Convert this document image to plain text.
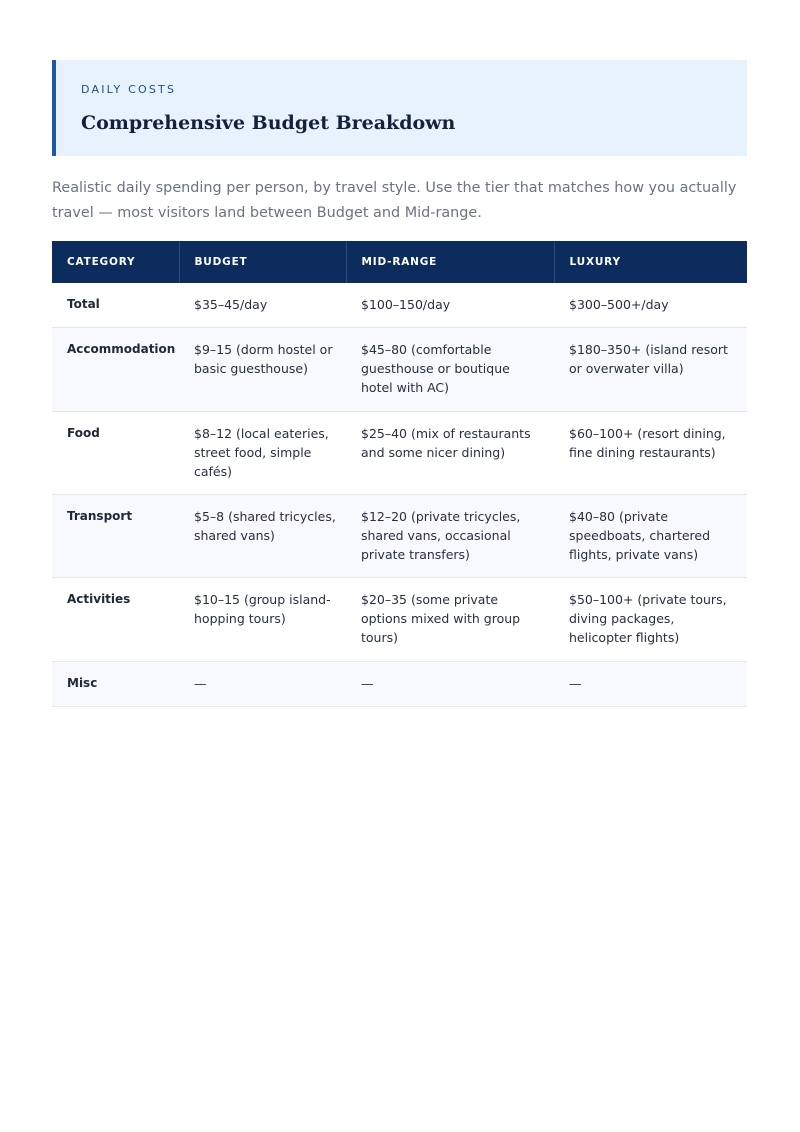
DAILY COSTS
Comprehensive Budget Breakdown
Realistic daily spending per person, by travel style. Use the tier that matches how you actually travel — most visitors land between Budget and Mid-range.
CATEGORY	BUDGET	MID-RANGE	LUXURY
Total	$35–45/day	$100–150/day	$300–500+/day
Accommodation	$9–15 (dorm hostel or basic guesthouse)	$45–80 (comfortable guesthouse or boutique hotel with AC)	$180–350+ (island resort or overwater villa)
Food	$8–12 (local eateries, street food, simple cafés)	$25–40 (mix of restaurants and some nicer dining)	$60–100+ (resort dining, fine dining restaurants)
Transport	$5–8 (shared tricycles, shared vans)	$12–20 (private tricycles, shared vans, occasional private transfers)	$40–80 (private speedboats, chartered flights, private vans)
Activities	$10–15 (group island-hopping tours)	$20–35 (some private options mixed with group tours)	$50–100+ (private tours, diving packages, helicopter flights)
Misc	—	—	—
